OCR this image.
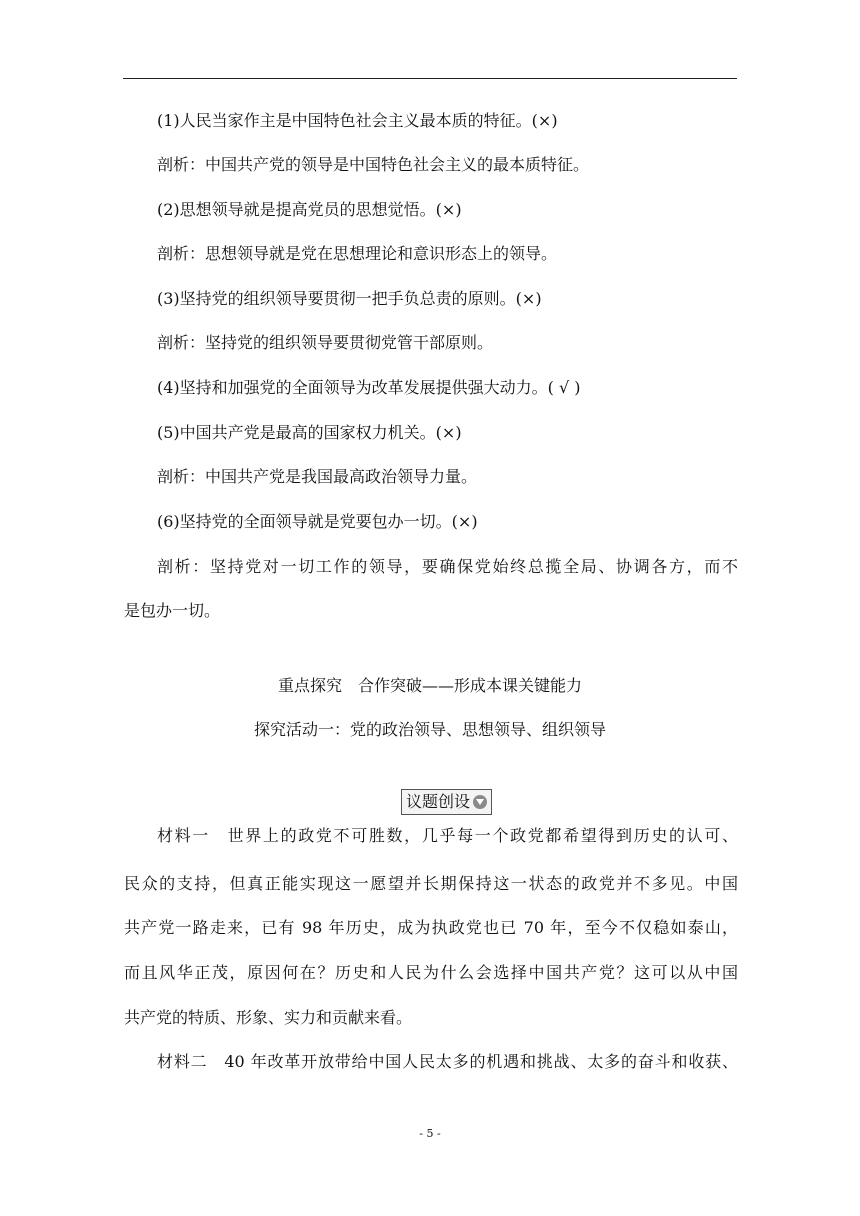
(1)人民当家作主是中国特色社会主义最本质的特征。(×)
剖析：中国共产党的领导是中国特色社会主义的最本质特征。
(2)思想领导就是提高党员的思想觉悟。(×)
剖析：思想领导就是党在思想理论和意识形态上的领导。
(3)坚持党的组织领导要贯彻一把手负总责的原则。(×)
剖析：坚持党的组织领导要贯彻党管干部原则。
(4)坚持和加强党的全面领导为改革发展提供强大动力。( √ )
(5)中国共产党是最高的国家权力机关。(×)
剖析：中国共产党是我国最高政治领导力量。
(6)坚持党的全面领导就是党要包办一切。(×)
剖析：坚持党对一切工作的领导，要确保党始终总揽全局、协调各方，而不
是包办一切。
重点探究　合作突破——形成本课关键能力
探究活动一：党的政治领导、思想领导、组织领导
议题创设
材料一　世界上的政党不可胜数，几乎每一个政党都希望得到历史的认可、
民众的支持，但真正能实现这一愿望并长期保持这一状态的政党并不多见。中国
共产党一路走来，已有 98 年历史，成为执政党也已 70 年，至今不仅稳如泰山，
而且风华正茂，原因何在？历史和人民为什么会选择中国共产党？这可以从中国
共产党的特质、形象、实力和贡献来看。
材料二　40 年改革开放带给中国人民太多的机遇和挑战、太多的奋斗和收获、
- 5 -
